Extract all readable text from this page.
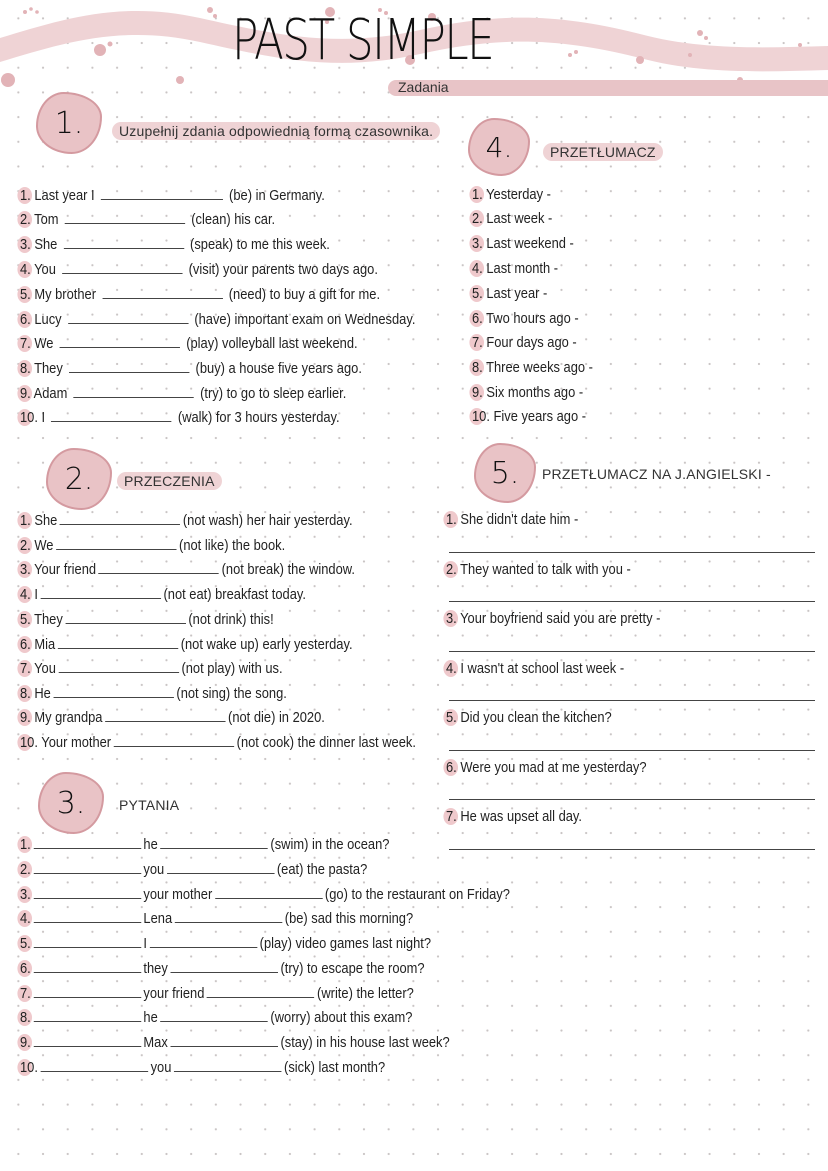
PAST SIMPLE
Zadania
1.	Uzupełnij zdania odpowiednią formą czasownika.
1. Last year I	(be) in Germany.
2. Tom	(clean) his car.
3. She	(speak) to me this week.
4. You	(visit) your parents two days ago.
5. My brother	(need) to buy a gift for me.
6. Lucy	(have) important exam on Wednesday.
7. We	(play) volleyball last weekend.
8. They	(buy) a house five years ago.
9. Adam	(try) to go to sleep earlier.
10. I	(walk) for 3 hours yesterday.
4.	PRZETŁUMACZ
1. Yesterday -
2. Last week -
3. Last weekend -
4. Last month -
5. Last year -
6. Two hours ago -
7. Four days ago -
8. Three weeks ago -
9. Six months ago -
10. Five years ago -
2.	PRZECZENIA
1. She	(not wash) her hair yesterday.
2. We	(not like) the book.
3. Your friend	(not break) the window.
4. I	(not eat) breakfast today.
5. They	(not drink) this!
6. Mia	(not wake up) early yesterday.
7. You	(not play) with us.
8. He	(not sing) the song.
9. My grandpa	(not die) in 2020.
10. Your mother	(not cook) the dinner last week.
5.	PRZETŁUMACZ NA J.ANGIELSKI -
1. She didn't date him -
2. They wanted to talk with you -
3. Your boyfriend said you are pretty -
4. I wasn't at school last week -
5. Did you clean the kitchen?
6. Were you mad at me yesterday?
7. He was upset all day.
3.	PYTANIA
1.	he	(swim) in the ocean?
2.	you	(eat) the pasta?
3.	your mother	(go) to the restaurant on Friday?
4.	Lena	(be) sad this morning?
5.	I	(play) video games last night?
6.	they	(try) to escape the room?
7.	your friend	(write) the letter?
8.	he	(worry) about this exam?
9.	Max	(stay) in his house last week?
10.	you	(sick) last month?
